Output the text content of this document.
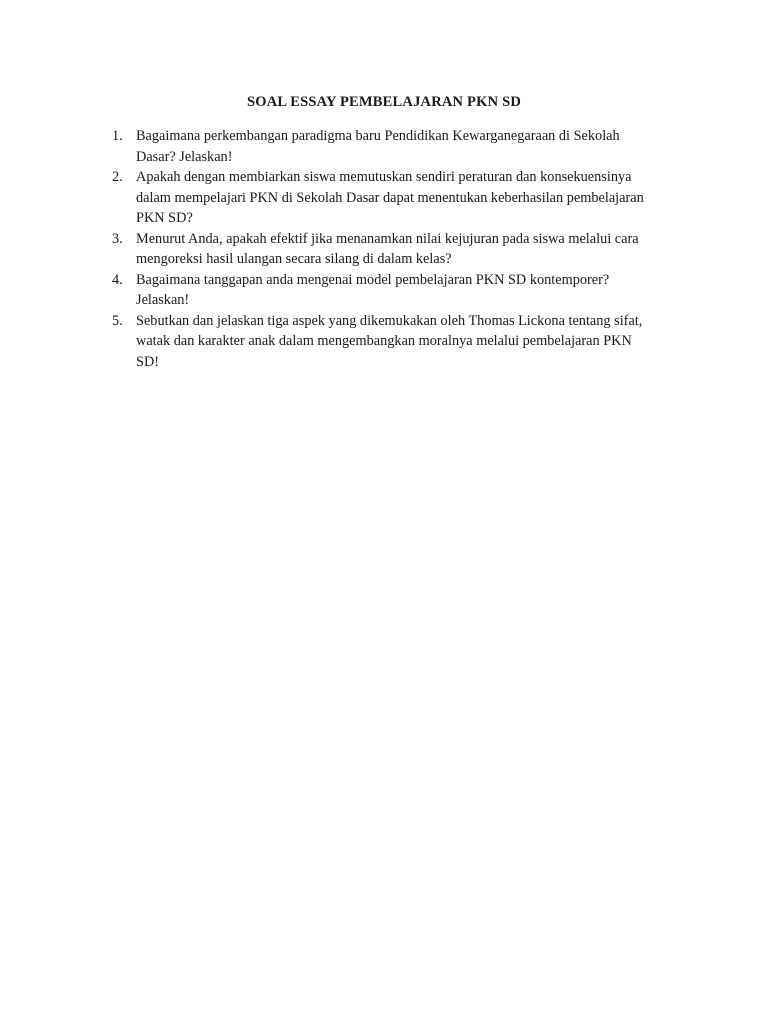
SOAL ESSAY PEMBELAJARAN PKN SD
1. Bagaimana perkembangan paradigma baru Pendidikan Kewarganegaraan di Sekolah
Dasar? Jelaskan!
2. Apakah dengan membiarkan siswa memutuskan sendiri peraturan dan konsekuensinya
dalam mempelajari PKN di Sekolah Dasar dapat menentukan keberhasilan pembelajaran
PKN SD?
3. Menurut Anda, apakah efektif jika menanamkan nilai kejujuran pada siswa melalui cara
mengoreksi hasil ulangan secara silang di dalam kelas?
4. Bagaimana tanggapan anda mengenai model pembelajaran PKN SD kontemporer?
Jelaskan!
5. Sebutkan dan jelaskan tiga aspek yang dikemukakan oleh Thomas Lickona tentang sifat,
watak dan karakter anak dalam mengembangkan moralnya melalui pembelajaran PKN
SD!
